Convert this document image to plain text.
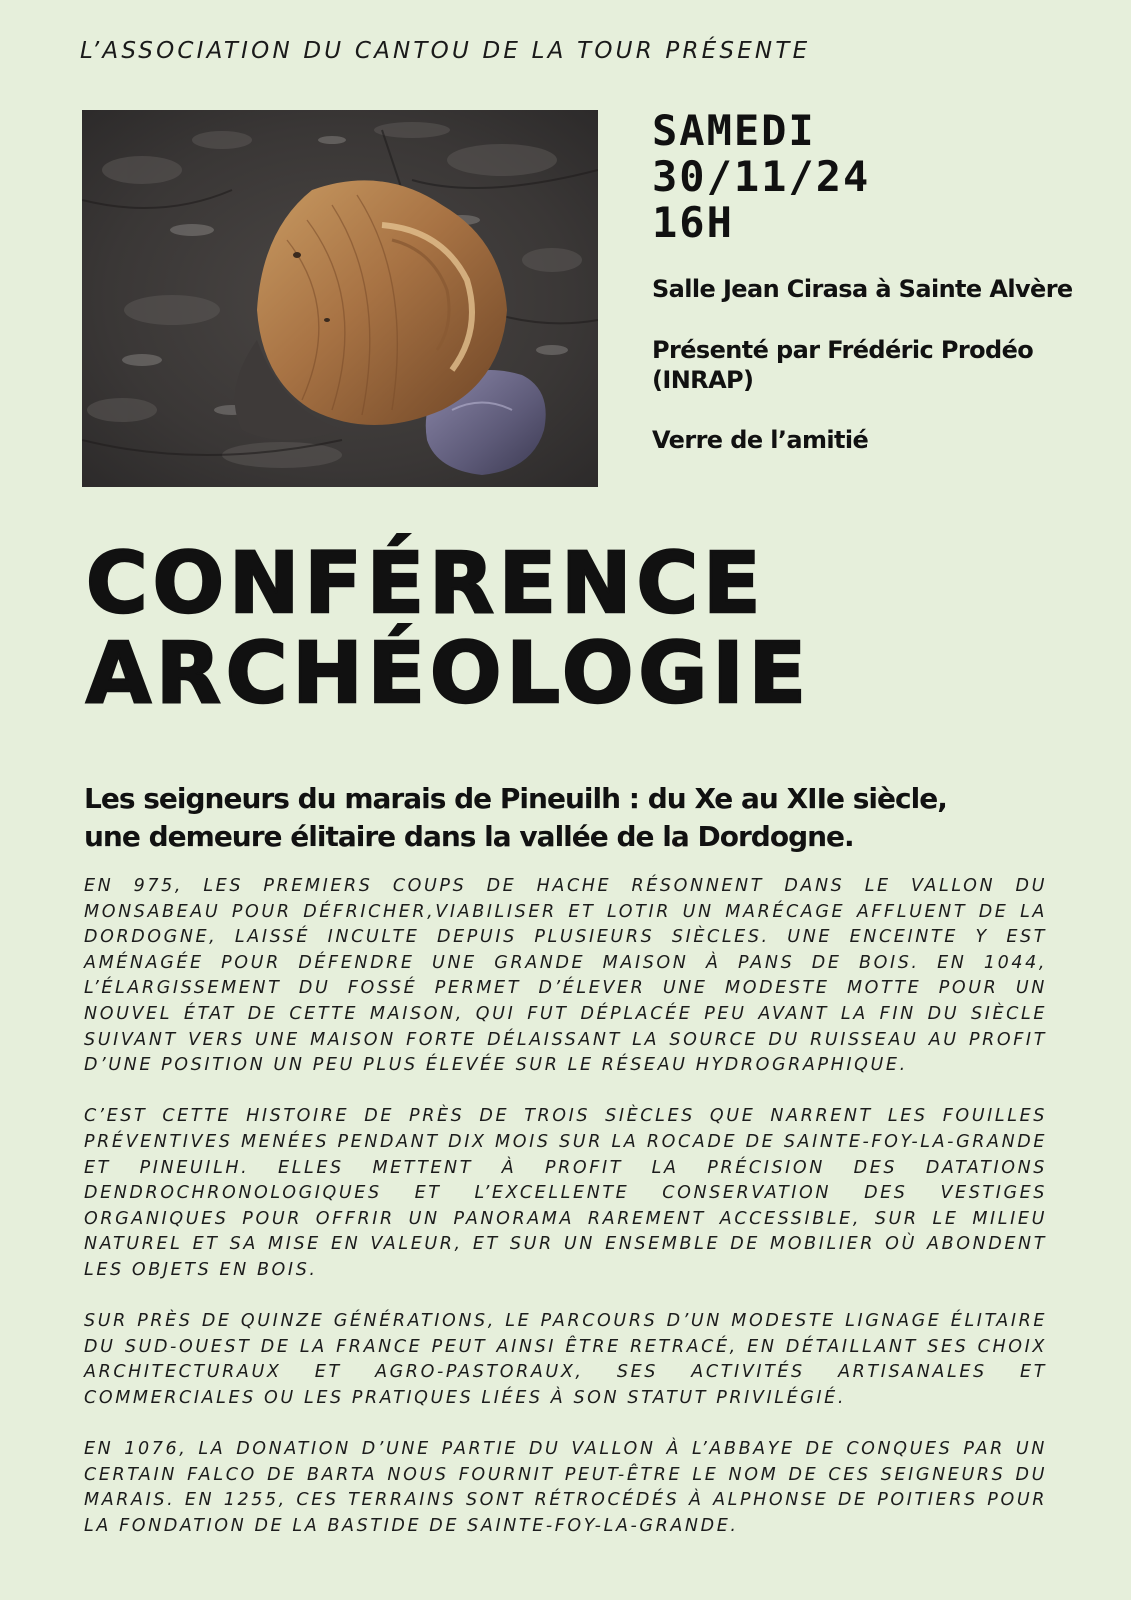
L’ASSOCIATION DU CANTOU DE LA TOUR PRÉSENTE
SAMEDI
30/11/24
16H
Salle Jean Cirasa à Sainte Alvère
Présenté par Frédéric Prodéo (INRAP)
Verre de l’amitié
CONFÉRENCE
ARCHÉOLOGIE
Les seigneurs du marais de Pineuilh : du Xe au XIIe siècle, une demeure élitaire dans la vallée de la Dordogne.

EN 975, LES PREMIERS COUPS DE HACHE RÉSONNENT DANS LE VALLON DU MONSABEAU POUR DÉFRICHER,VIABILISER ET LOTIR UN MARÉCAGE AFFLUENT DE LA DORDOGNE, LAISSÉ INCULTE DEPUIS PLUSIEURS SIÈCLES. UNE ENCEINTE Y EST AMÉNAGÉE POUR DÉFENDRE UNE GRANDE MAISON À PANS DE BOIS. EN 1044, L’ÉLARGISSEMENT DU FOSSÉ PERMET D’ÉLEVER UNE MODESTE MOTTE POUR UN NOUVEL ÉTAT DE CETTE MAISON, QUI FUT DÉPLACÉE PEU AVANT LA FIN DU SIÈCLE SUIVANT VERS UNE MAISON FORTE DÉLAISSANT LA SOURCE DU RUISSEAU AU PROFIT D’UNE POSITION UN PEU PLUS ÉLEVÉE SUR LE RÉSEAU HYDROGRAPHIQUE.

C’EST CETTE HISTOIRE DE PRÈS DE TROIS SIÈCLES QUE NARRENT LES FOUILLES PRÉVENTIVES MENÉES PENDANT DIX MOIS SUR LA ROCADE DE SAINTE-FOY-LA-GRANDE ET PINEUILH. ELLES METTENT À PROFIT LA PRÉCISION DES DATATIONS DENDROCHRONOLOGIQUES ET L’EXCELLENTE CONSERVATION DES VESTIGES ORGANIQUES POUR OFFRIR UN PANORAMA RAREMENT ACCESSIBLE, SUR LE MILIEU NATUREL ET SA MISE EN VALEUR, ET SUR UN ENSEMBLE DE MOBILIER OÙ ABONDENT LES OBJETS EN BOIS.

SUR PRÈS DE QUINZE GÉNÉRATIONS, LE PARCOURS D’UN MODESTE LIGNAGE ÉLITAIRE DU SUD-OUEST DE LA FRANCE PEUT AINSI ÊTRE RETRACÉ, EN DÉTAILLANT SES CHOIX ARCHITECTURAUX ET AGRO-PASTORAUX, SES ACTIVITÉS ARTISANALES ET COMMERCIALES OU LES PRATIQUES LIÉES À SON STATUT PRIVILÉGIÉ.

EN 1076, LA DONATION D’UNE PARTIE DU VALLON À L’ABBAYE DE CONQUES PAR UN CERTAIN FALCO DE BARTA NOUS FOURNIT PEUT-ÊTRE LE NOM DE CES SEIGNEURS DU MARAIS. EN 1255, CES TERRAINS SONT RÉTROCÉDÉS À ALPHONSE DE POITIERS POUR LA FONDATION DE LA BASTIDE DE SAINTE-FOY-LA-GRANDE.
